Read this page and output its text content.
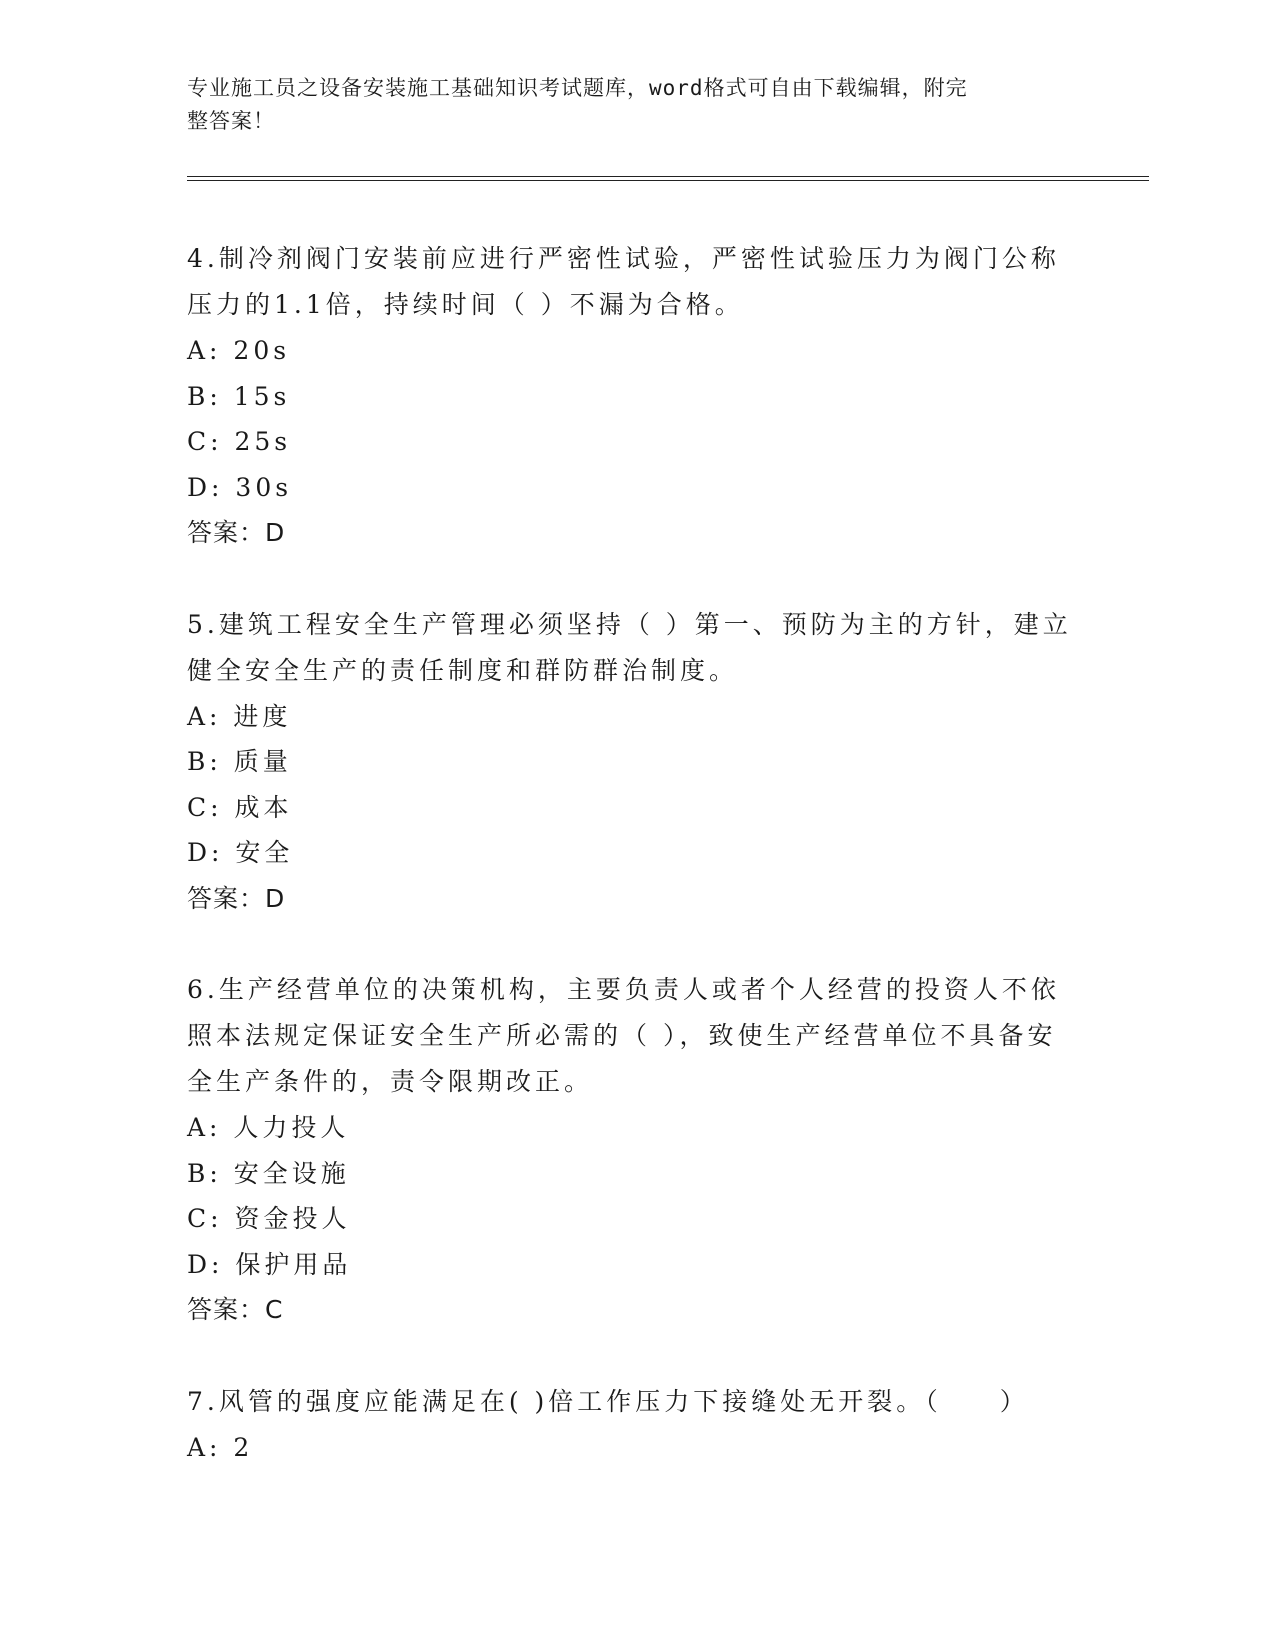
专业施工员之设备安装施工基础知识考试题库，word格式可自由下载编辑，附完
整答案！
4.制冷剂阀门安装前应进行严密性试验，严密性试验压力为阀门公称
压力的1.1倍，持续时间（ ）不漏为合格。
A: 20s
B: 15s
C: 25s
D: 30s
答案：D
5.建筑工程安全生产管理必须坚持（ ）第一、预防为主的方针，建立
健全安全生产的责任制度和群防群治制度。
A: 进度
B: 质量
C: 成本
D: 安全
答案：D
6.生产经营单位的决策机构，主要负责人或者个人经营的投资人不依
照本法规定保证安全生产所必需的（ ），致使生产经营单位不具备安
全生产条件的，责令限期改正。
A: 人力投人
B: 安全设施
C: 资金投人
D: 保护用品
答案：C
7.风管的强度应能满足在( )倍工作压力下接缝处无开裂。（　　）
A: 2
